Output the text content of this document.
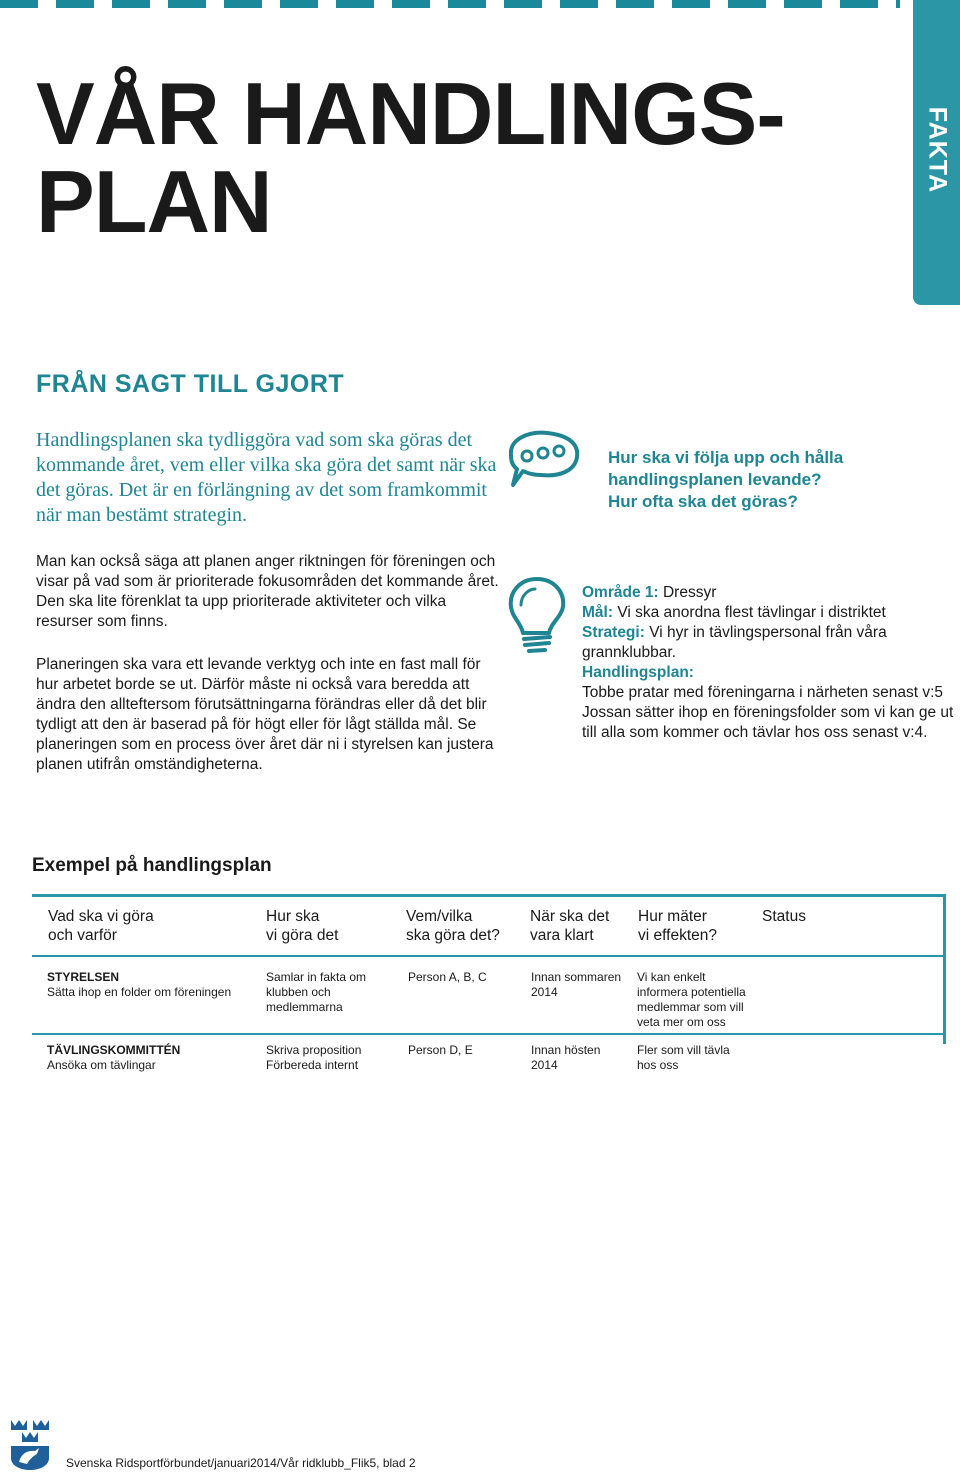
FAKTA
VÅR HANDLINGS-
PLAN
FRÅN SAGT TILL GJORT

Handlingsplanen ska tydliggöra vad som ska göras det kommande året, vem eller vilka ska göra det samt när ska det göras. Det är en förlängning av det som framkommit när man bestämt strategin.

Man kan också säga att planen anger riktningen för föreningen och visar på vad som är prioriterade fokusområden det kommande året. Den ska lite förenklat ta upp prioriterade aktiviteter och vilka resurser som finns.

Planeringen ska vara ett levande verktyg och inte en fast mall för hur arbetet borde se ut. Därför måste ni också vara beredda att ändra den allteftersom förutsättningarna förändras eller då det blir tydligt att den är baserad på för högt eller för lågt ställda mål. Se planeringen som en process över året där ni i styrelsen kan justera planen utifrån omständigheterna.

Hur ska vi följa upp och hålla
handlingsplanen levande?
Hur ofta ska det göras?
Område 1: Dressyr
Mål: Vi ska anordna flest tävlingar i distriktet
Strategi: Vi hyr in tävlingspersonal från våra grannklubbar.
Handlingsplan:
Tobbe pratar med föreningarna i närheten senast v:5 Jossan sätter ihop en föreningsfolder som vi kan ge ut till alla som kommer och tävlar hos oss senast v:4.
Exempel på handlingsplan
Vad ska vi göra
och varför
Hur ska
vi göra det
Vem/vilka
ska göra det?
När ska det
vara klart
Hur mäter
vi effekten?
Status
STYRELSEN
Sätta ihop en folder om föreningen
Samlar in fakta om
klubben och
medlemmarna
Person A, B, C	Innan sommaren
2014
Vi kan enkelt
informera potentiella
medlemmar som vill
veta mer om oss
TÄVLINGSKOMMITTÉN
Ansöka om tävlingar
Skriva proposition
Förbereda internt
Person D, E	Innan hösten
2014
Fler som vill tävla
hos oss

Svenska Ridsportförbundet/januari2014/Vår ridklubb_Flik5, blad 2
